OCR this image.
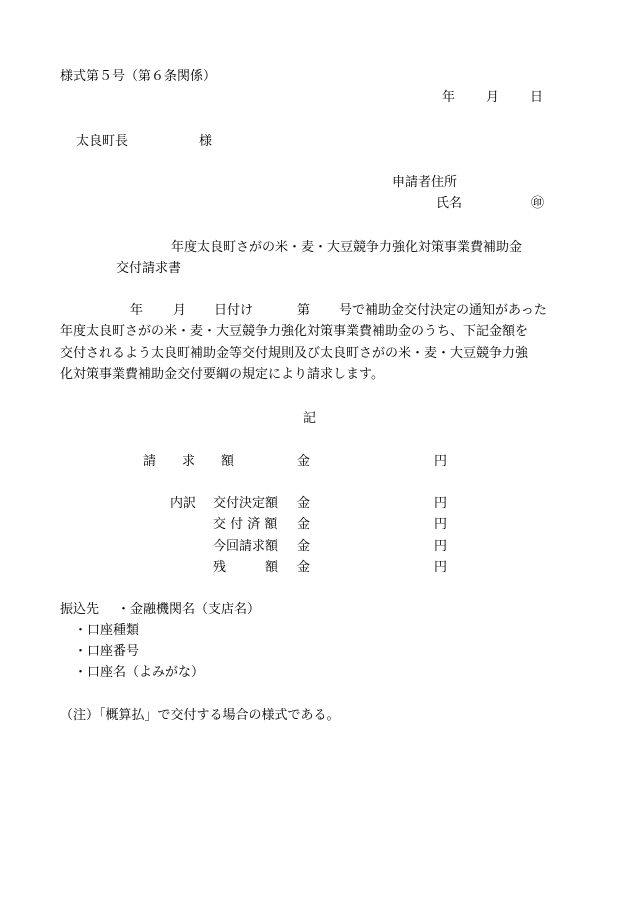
様式第５号（第６条関係）
年 月 日
太良町長	様
申請者住所
氏名	㊞
年度太良町さがの米・麦・大豆競争力強化対策事業費補助金
交付請求書
年 月 日付け	第 号で補助金交付決定の通知があった
年度太良町さがの米・麦・大豆競争力強化対策事業費補助金のうち、下記金額を
交付されるよう太良町補助金等交付規則及び太良町さがの米・麦・大豆競争力強
化対策事業費補助金交付要綱の規定により請求します。
記
請　　求　　額	金	円
内訳 交付決定額 金	円
交 付 済 額 金	円
今回請求額 金	円
残　　　額 金	円
振込先 ・金融機関名（支店名）
・口座種類
・口座番号
・口座名（よみがな）
（注）「概算払」で交付する場合の様式である。
